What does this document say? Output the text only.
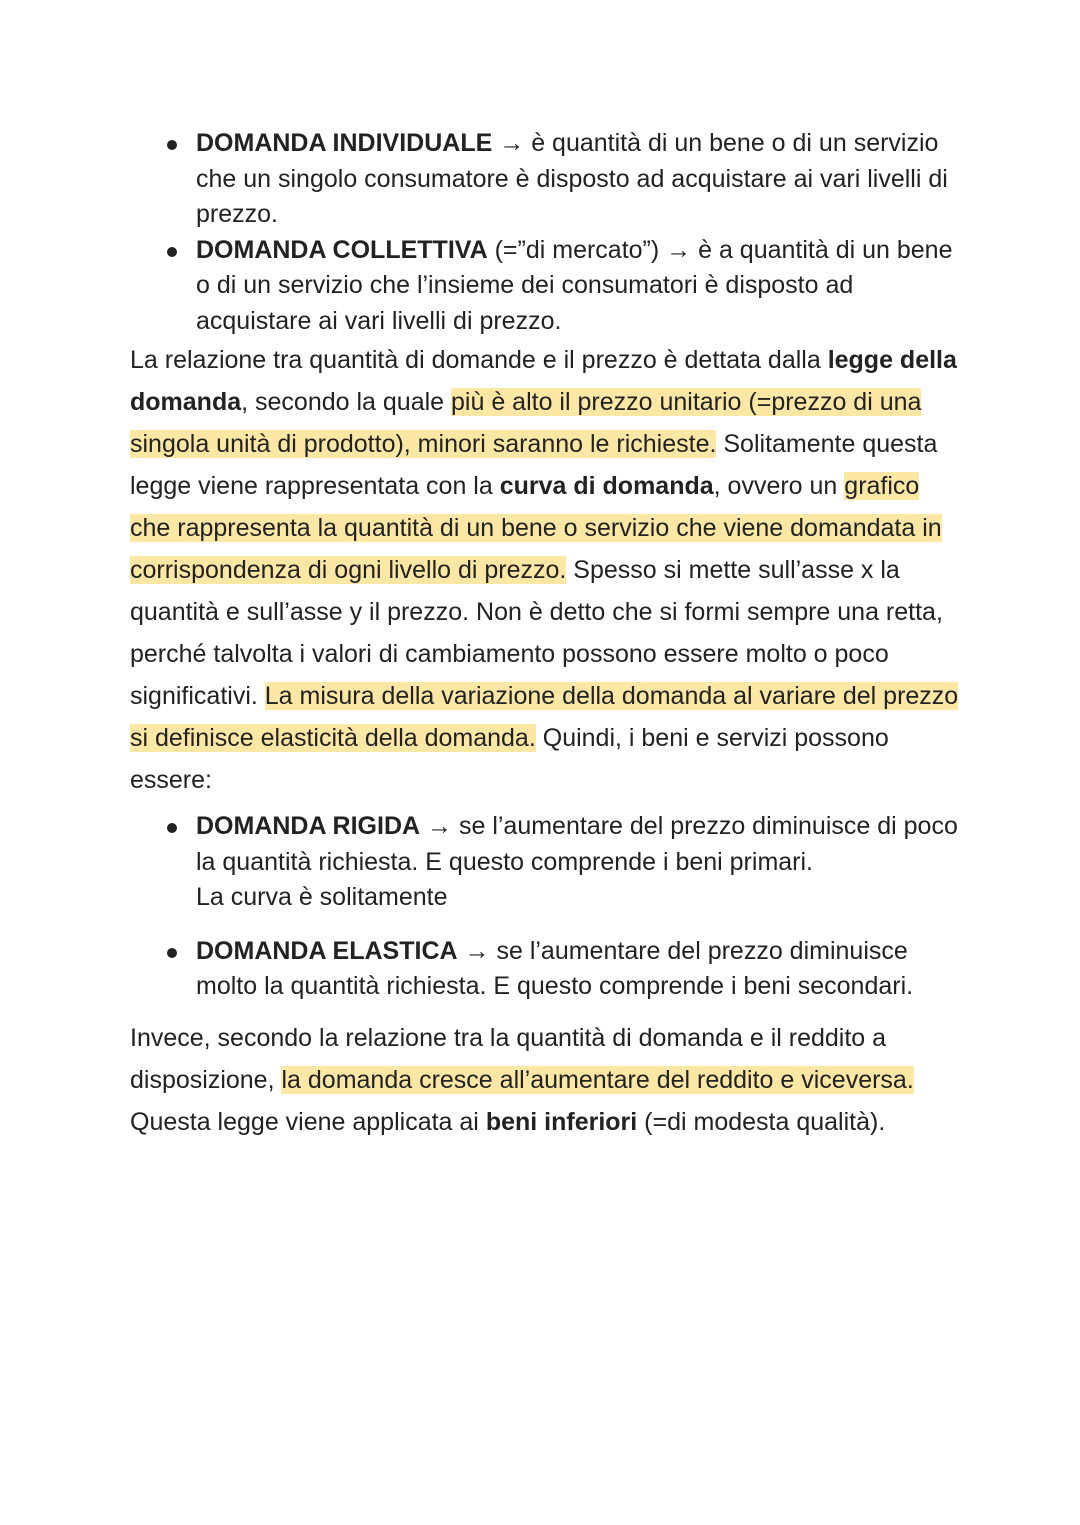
DOMANDA INDIVIDUALE → è quantità di un bene o di un servizio che un singolo consumatore è disposto ad acquistare ai vari livelli di prezzo.
DOMANDA COLLETTIVA (=”di mercato”) → è a quantità di un bene o di un servizio che l’insieme dei consumatori è disposto ad acquistare ai vari livelli di prezzo.

La relazione tra quantità di domande e il prezzo è dettata dalla legge della domanda, secondo la quale più è alto il prezzo unitario (=prezzo di una singola unità di prodotto), minori saranno le richieste. Solitamente questa legge viene rappresentata con la curva di domanda, ovvero un grafico che rappresenta la quantità di un bene o servizio che viene domandata in corrispondenza di ogni livello di prezzo. Spesso si mette sull’asse x la quantità e sull’asse y il prezzo. Non è detto che si formi sempre una retta, perché talvolta i valori di cambiamento possono essere molto o poco significativi. La misura della variazione della domanda al variare del prezzo si definisce elasticità della domanda. Quindi, i beni e servizi possono essere:

DOMANDA RIGIDA → se l’aumentare del prezzo diminuisce di poco la quantità richiesta. E questo comprende i beni primari.
La curva è solitamente
DOMANDA ELASTICA → se l’aumentare del prezzo diminuisce molto la quantità richiesta. E questo comprende i beni secondari.

Invece, secondo la relazione tra la quantità di domanda e il reddito a disposizione, la domanda cresce all’aumentare del reddito e viceversa. Questa legge viene applicata ai beni inferiori (=di modesta qualità).
